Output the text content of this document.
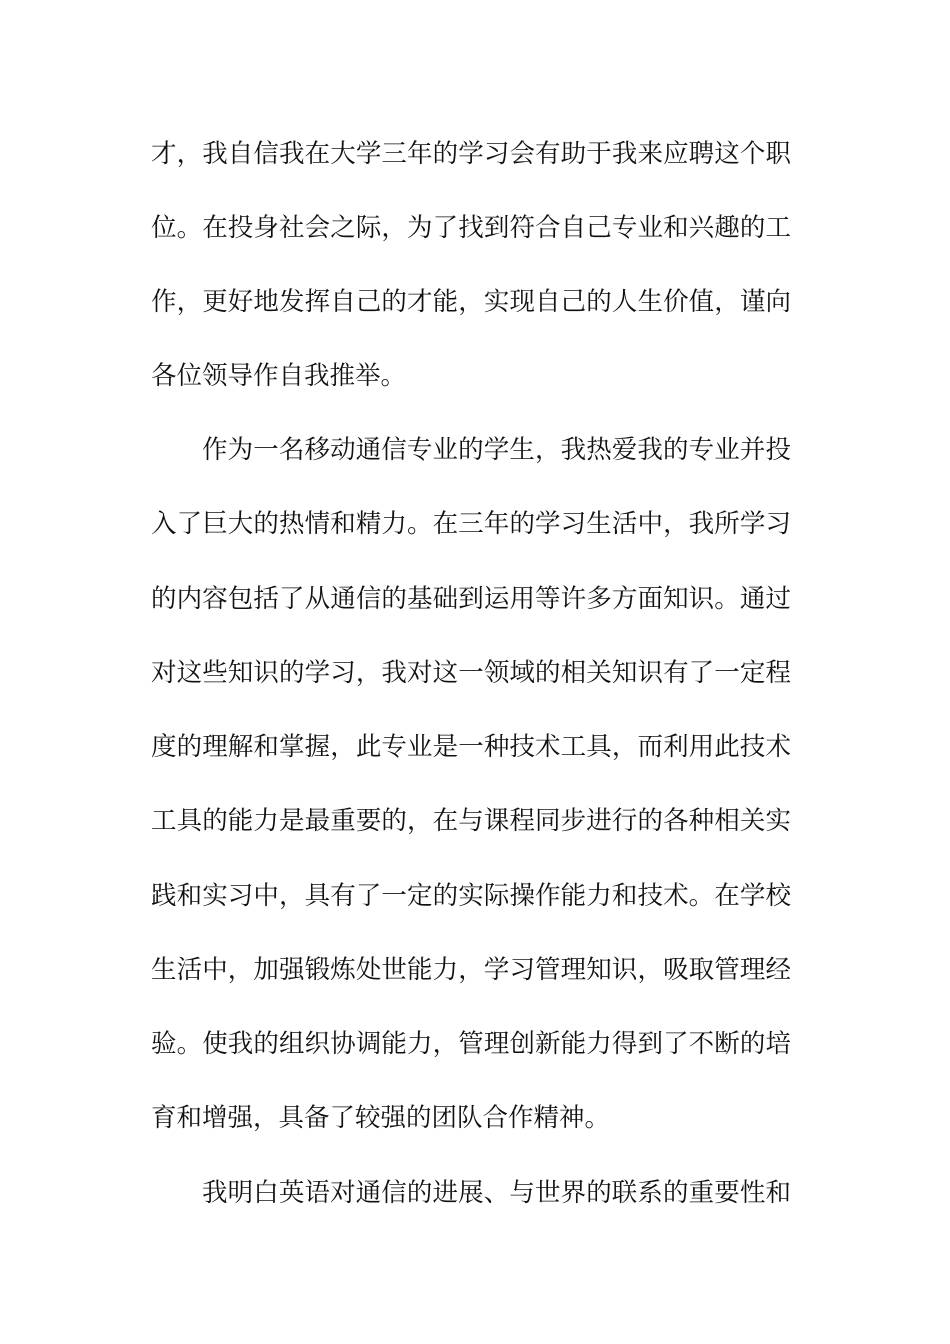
才，我自信我在大学三年的学习会有助于我来应聘这个职
位。在投身社会之际，为了找到符合自己专业和兴趣的工
作，更好地发挥自己的才能，实现自己的人生价值，谨向
各位领导作自我推举。
作为一名移动通信专业的学生，我热爱我的专业并投
入了巨大的热情和精力。在三年的学习生活中，我所学习
的内容包括了从通信的基础到运用等许多方面知识。通过
对这些知识的学习，我对这一领域的相关知识有了一定程
度的理解和掌握，此专业是一种技术工具，而利用此技术
工具的能力是最重要的，在与课程同步进行的各种相关实
践和实习中，具有了一定的实际操作能力和技术。在学校
生活中，加强锻炼处世能力，学习管理知识，吸取管理经
验。使我的组织协调能力，管理创新能力得到了不断的培
育和增强，具备了较强的团队合作精神。
我明白英语对通信的进展、与世界的联系的重要性和
